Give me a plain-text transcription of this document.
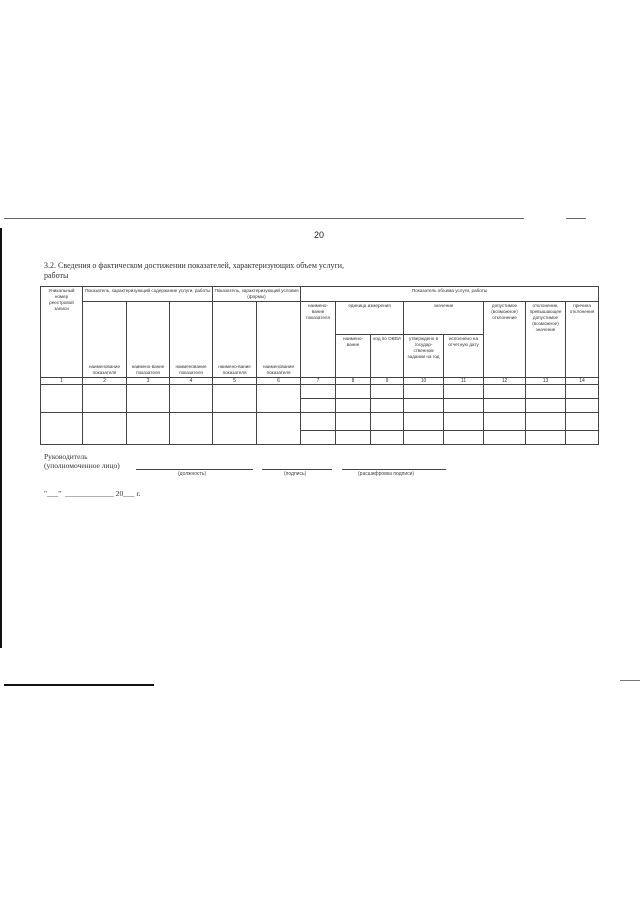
20
3.2. Сведения о фактическом достижении показателей, характеризующих объем услуги,
работы
Уникальный номер реестровой записи	Показатель, характеризующий содержание услуги, работы			Показатель, характеризующий условия (формы)		Показатель объема услуги, работы							
	наименование показателя	наимено-вание показателя	наименование показателя	наимено-вание показателя	наименование показателя	наимено-вание показателя	единица измерения		значение		допустимое (возможное) отклонение	отклонение, превышающее допустимое (возможное) значение	причина отклонения
							наимено-вание	код по ОКЕИ	утверждено в государ-ственном задании на год	исполнено на отчетную дату			
1	2	3	4	5	6	7	8	9	10	11	12	13	14

Руководитель
(уполномоченное лицо)
(должность)	(подпись)	(расшифровка подписи)
"___"  _____________ 20___ г.
